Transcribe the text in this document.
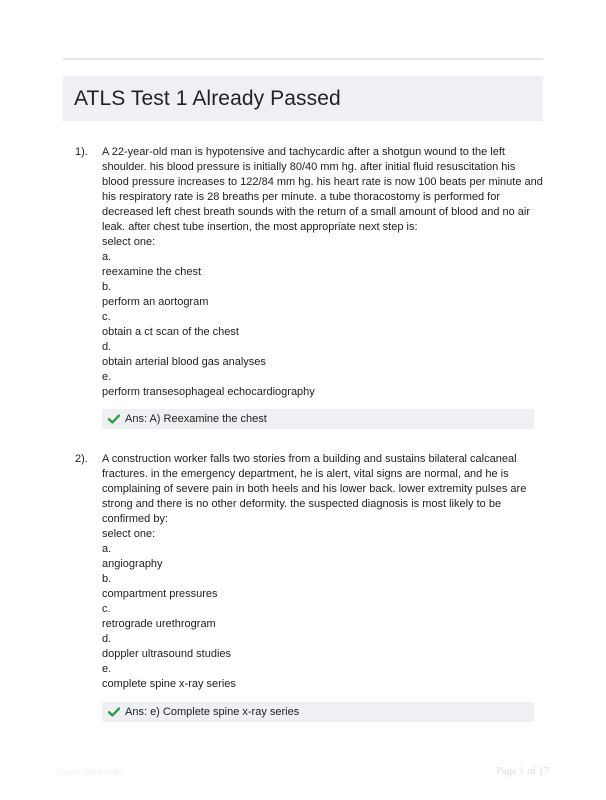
ATLS Test 1 Already Passed
1). A 22-year-old man is hypotensive and tachycardic after a shotgun wound to the left
shoulder. his blood pressure is initially 80/40 mm hg. after initial fluid resuscitation his
blood pressure increases to 122/84 mm hg. his heart rate is now 100 beats per minute and
his respiratory rate is 28 breaths per minute. a tube thoracostomy is performed for
decreased left chest breath sounds with the return of a small amount of blood and no air
leak. after chest tube insertion, the most appropriate next step is:
select one:
a.
reexamine the chest
b.
perform an aortogram
c.
obtain a ct scan of the chest
d.
obtain arterial blood gas analyses
e.
perform transesophageal echocardiography
Ans: A) Reexamine the chest
2). A construction worker falls two stories from a building and sustains bilateral calcaneal
fractures. in the emergency department, he is alert, vital signs are normal, and he is
complaining of severe pain in both heels and his lower back. lower extremity pulses are
strong and there is no other deformity. the suspected diagnosis is most likely to be
confirmed by:
select one:
a.
angiography
b.
compartment pressures
c.
retrograde urethrogram
d.
doppler ultrasound studies
e.
complete spine x-ray series
Ans: e) Complete spine x-ray series
PaperStack.com	Page 1 of 17
